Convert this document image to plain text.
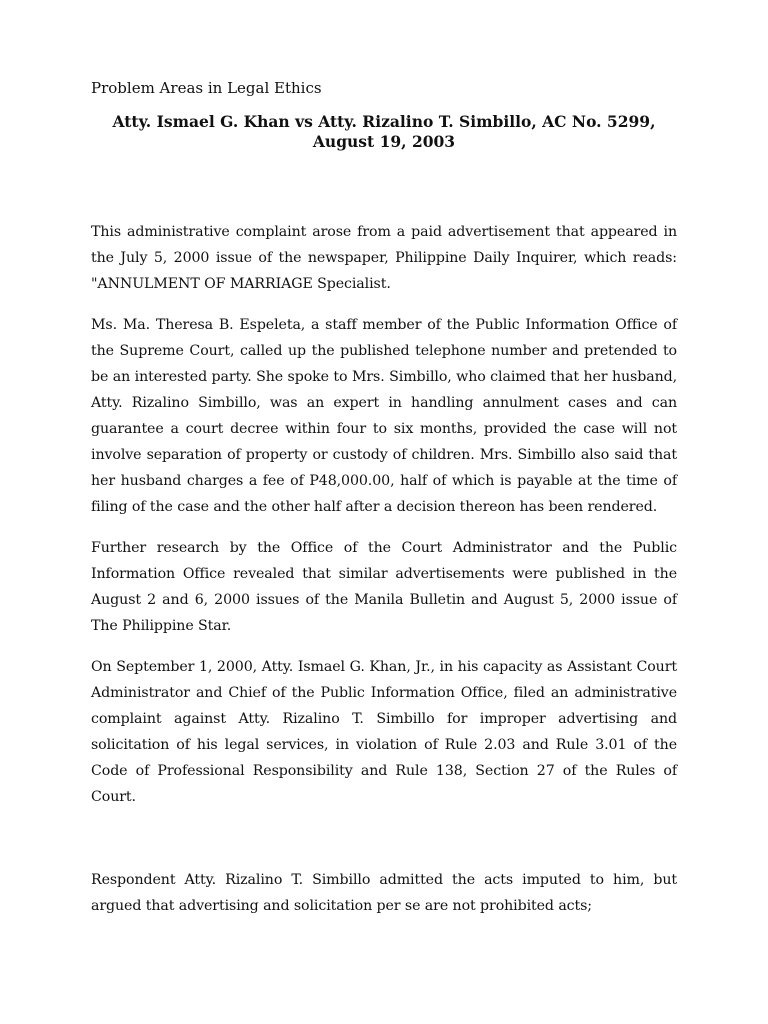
Problem Areas in Legal Ethics

Atty. Ismael G. Khan vs Atty. Rizalino T. Simbillo, AC No. 5299, August 19, 2003

This administrative complaint arose from a paid advertisement that appeared in the July 5, 2000 issue of the newspaper, Philippine Daily Inquirer, which reads: "ANNULMENT OF MARRIAGE Specialist.

Ms. Ma. Theresa B. Espeleta, a staff member of the Public Information Office of the Supreme Court, called up the published telephone number and pretended to be an interested party. She spoke to Mrs. Simbillo, who claimed that her husband, Atty. Rizalino Simbillo, was an expert in handling annulment cases and can guarantee a court decree within four to six months, provided the case will not involve separation of property or custody of children. Mrs. Simbillo also said that her husband charges a fee of P48,000.00, half of which is payable at the time of filing of the case and the other half after a decision thereon has been rendered.

Further research by the Office of the Court Administrator and the Public Information Office revealed that similar advertisements were published in the August 2 and 6, 2000 issues of the Manila Bulletin and August 5, 2000 issue of The Philippine Star.

On September 1, 2000, Atty. Ismael G. Khan, Jr., in his capacity as Assistant Court Administrator and Chief of the Public Information Office, filed an administrative complaint against Atty. Rizalino T. Simbillo for improper advertising and solicitation of his legal services, in violation of Rule 2.03 and Rule 3.01 of the Code of Professional Responsibility and Rule 138, Section 27 of the Rules of Court.

Respondent Atty. Rizalino T. Simbillo admitted the acts imputed to him, but argued that advertising and solicitation per se are not prohibited acts;
